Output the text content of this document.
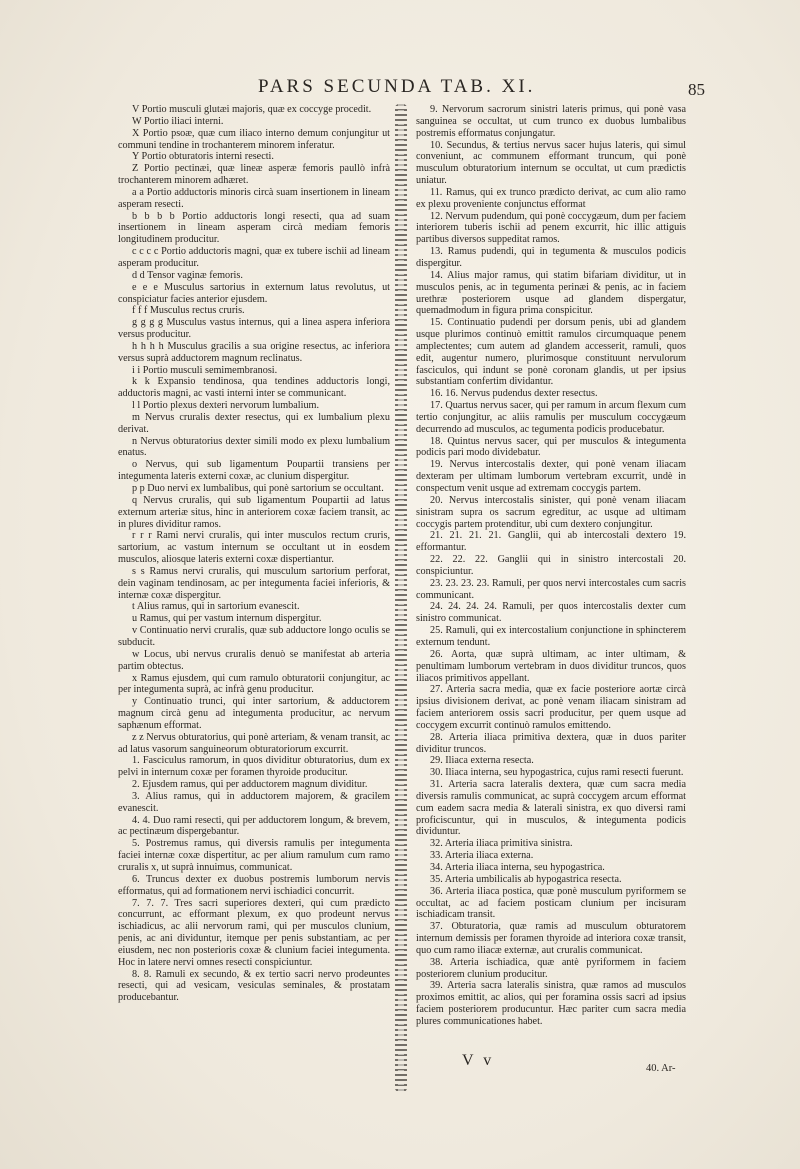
PARS SECUNDA TAB. XI.	85

V Portio musculi glutæi majoris, quæ ex coccyge procedit.

W Portio iliaci interni.

X Portio psoæ, quæ cum iliaco interno demum conjungitur ut communi tendine in trochanterem minorem inferatur.

Y Portio obturatoris interni resecti.

Z Portio pectinæi, quæ lineæ asperæ femoris paullò infrà trochanterem minorem adhæret.

a a Portio adductoris minoris circà suam insertionem in lineam asperam resecti.

b b b b Portio adductoris longi resecti, qua ad suam insertionem in lineam asperam circà mediam femoris longitudinem producitur.

c c c c Portio adductoris magni, quæ ex tubere ischii ad lineam asperam producitur.

d d Tensor vaginæ femoris.

e e e Musculus sartorius in externum latus revolutus, ut conspiciatur facies anterior ejusdem.

f f f Musculus rectus cruris.

g g g g Musculus vastus internus, qui a linea aspera inferiora versus producitur.

h h h h Musculus gracilis a sua origine resectus, ac inferiora versus suprà adductorem magnum reclinatus.

i i Portio musculi semimembranosi.

k k Expansio tendinosa, qua tendines adductoris longi, adductoris magni, ac vasti interni inter se communicant.

l l Portio plexus dexteri nervorum lumbalium.

m Nervus cruralis dexter resectus, qui ex lumbalium plexu derivat.

n Nervus obturatorius dexter simili modo ex plexu lumbalium enatus.

o Nervus, qui sub ligamentum Poupartii transiens per integumenta lateris externi coxæ, ac clunium dispergitur.

p p Duo nervi ex lumbalibus, qui ponè sartorium se occultant.

q Nervus cruralis, qui sub ligamentum Poupartii ad latus externum arteriæ situs, hinc in anteriorem coxæ faciem transit, ac in plures dividitur ramos.

r r r Rami nervi cruralis, qui inter musculos rectum cruris, sartorium, ac vastum internum se occultant ut in eosdem musculos, aliosque lateris externi coxæ dispertiantur.

s s Ramus nervi cruralis, qui musculum sartorium perforat, dein vaginam tendinosam, ac per integumenta faciei inferioris, & internæ coxæ dispergitur.

t Alius ramus, qui in sartorium evanescit.

u Ramus, qui per vastum internum dispergitur.

v Continuatio nervi cruralis, quæ sub adductore longo oculis se subducit.

w Locus, ubi nervus cruralis denuò se manifestat ab arteria partim obtectus.

x Ramus ejusdem, qui cum ramulo obturatorii conjungitur, ac per integumenta suprà, ac infrà genu producitur.

y Continuatio trunci, qui inter sartorium, & adductorem magnum circà genu ad integumenta producitur, ac nervum saphænum efformat.

z z Nervus obturatorius, qui ponè arteriam, & venam transit, ac ad latus vasorum sanguineorum obturatoriorum excurrit.

1. Fasciculus ramorum, in quos dividitur obturatorius, dum ex pelvi in internum coxæ per foramen thyroide producitur.

2. Ejusdem ramus, qui per adductorem magnum dividitur.

3. Alius ramus, qui in adductorem majorem, & gracilem evanescit.

4. 4. Duo rami resecti, qui per adductorem longum, & brevem, ac pectinæum dispergebantur.

5. Postremus ramus, qui diversis ramulis per integumenta faciei internæ coxæ dispertitur, ac per alium ramulum cum ramo cruralis x, ut suprà innuimus, communicat.

6. Truncus dexter ex duobus postremis lumborum nervis efformatus, qui ad formationem nervi ischiadici concurrit.

7. 7. 7. Tres sacri superiores dexteri, qui cum prædicto concurrunt, ac efformant plexum, ex quo prodeunt nervus ischiadicus, ac alii nervorum rami, qui per musculos clunium, penis, ac ani dividuntur, itemque per penis substantiam, ac per eiusdem, nec non posterioris coxæ & clunium faciei integumenta. Hoc in latere nervi omnes resecti conspiciuntur.

8. 8. Ramuli ex secundo, & ex tertio sacri nervo prodeuntes resecti, qui ad vesicam, vesiculas seminales, & prostatam producebantur.

9. Nervorum sacrorum sinistri lateris primus, qui ponè vasa sanguinea se occultat, ut cum trunco ex duobus lumbalibus postremis efformatus conjungatur.

10. Secundus, & tertius nervus sacer hujus lateris, qui simul conveniunt, ac communem efformant truncum, qui ponè musculum obturatorium internum se occultat, ut cum prædictis uniatur.

11. Ramus, qui ex trunco prædicto derivat, ac cum alio ramo ex plexu proveniente conjunctus efformat

12. Nervum pudendum, qui ponè coccygæum, dum per faciem interiorem tuberis ischii ad penem excurrit, hic illic attiguis partibus diversos suppeditat ramos.

13. Ramus pudendi, qui in tegumenta & musculos podicis dispergitur.

14. Alius major ramus, qui statim bifariam dividitur, ut in musculos penis, ac in tegumenta perinæi & penis, ac in faciem urethræ posteriorem usque ad glandem dispergatur, quemadmodum in figura prima conspicitur.

15. Continuatio pudendi per dorsum penis, ubi ad glandem usque plurimos continuò emittit ramulos circumquaque penem amplectentes; cum autem ad glandem accesserit, ramuli, quos edit, augentur numero, plurimosque constituunt nervulorum fasciculos, qui indunt se ponè coronam glandis, ut per ipsius substantiam confertim dividantur.

16. 16. Nervus pudendus dexter resectus.

17. Quartus nervus sacer, qui per ramum in arcum flexum cum tertio conjungitur, ac aliis ramulis per musculum coccygæum decurrendo ad musculos, ac tegumenta podicis producebatur.

18. Quintus nervus sacer, qui per musculos & integumenta podicis pari modo dividebatur.

19. Nervus intercostalis dexter, qui ponè venam iliacam dexteram per ultimam lumborum vertebram excurrit, undè in conspectum venit usque ad extremam coccygis partem.

20. Nervus intercostalis sinister, qui ponè venam iliacam sinistram supra os sacrum egreditur, ac usque ad ultimam coccygis partem protenditur, ubi cum dextero conjungitur.

21. 21. 21. 21. Ganglii, qui ab intercostali dextero 19. efformantur.

22. 22. 22. Ganglii qui in sinistro intercostali 20. conspiciuntur.

23. 23. 23. 23. Ramuli, per quos nervi intercostales cum sacris communicant.

24. 24. 24. 24. Ramuli, per quos intercostalis dexter cum sinistro communicat.

25. Ramuli, qui ex intercostalium conjunctione in sphincterem externum tendunt.

26. Aorta, quæ suprà ultimam, ac inter ultimam, & penultimam lumborum vertebram in duos dividitur truncos, quos iliacos primitivos appellant.

27. Arteria sacra media, quæ ex facie posteriore aortæ circà ipsius divisionem derivat, ac ponè venam iliacam sinistram ad faciem anteriorem ossis sacri producitur, per quem usque ad coccygem excurrit continuò ramulos emittendo.

28. Arteria iliaca primitiva dextera, quæ in duos pariter dividitur truncos.

29. Iliaca externa resecta.

30. Iliaca interna, seu hypogastrica, cujus rami resecti fuerunt.

31. Arteria sacra lateralis dextera, quæ cum sacra media diversis ramulis communicat, ac suprà coccygem arcum efformat cum eadem sacra media & laterali sinistra, ex quo diversi rami proficiscuntur, qui in musculos, & integumenta podicis dividuntur.

32. Arteria iliaca primitiva sinistra.

33. Arteria iliaca externa.

34. Arteria iliaca interna, seu hypogastrica.

35. Arteria umbilicalis ab hypogastrica resecta.

36. Arteria iliaca postica, quæ ponè musculum pyriformem se occultat, ac ad faciem posticam clunium per incisuram ischiadicam transit.

37. Obturatoria, quæ ramis ad musculum obturatorem internum demissis per foramen thyroide ad interiora coxæ transit, quo cum ramo iliacæ externæ, aut cruralis communicat.

38. Arteria ischiadica, quæ antè pyriformem in faciem posteriorem clunium producitur.

39. Arteria sacra lateralis sinistra, quæ ramos ad musculos proximos emittit, ac alios, qui per foramina ossis sacri ad ipsius faciem posteriorem producuntur. Hæc pariter cum sacra media plures communicationes habet.

V v	40. Ar-
